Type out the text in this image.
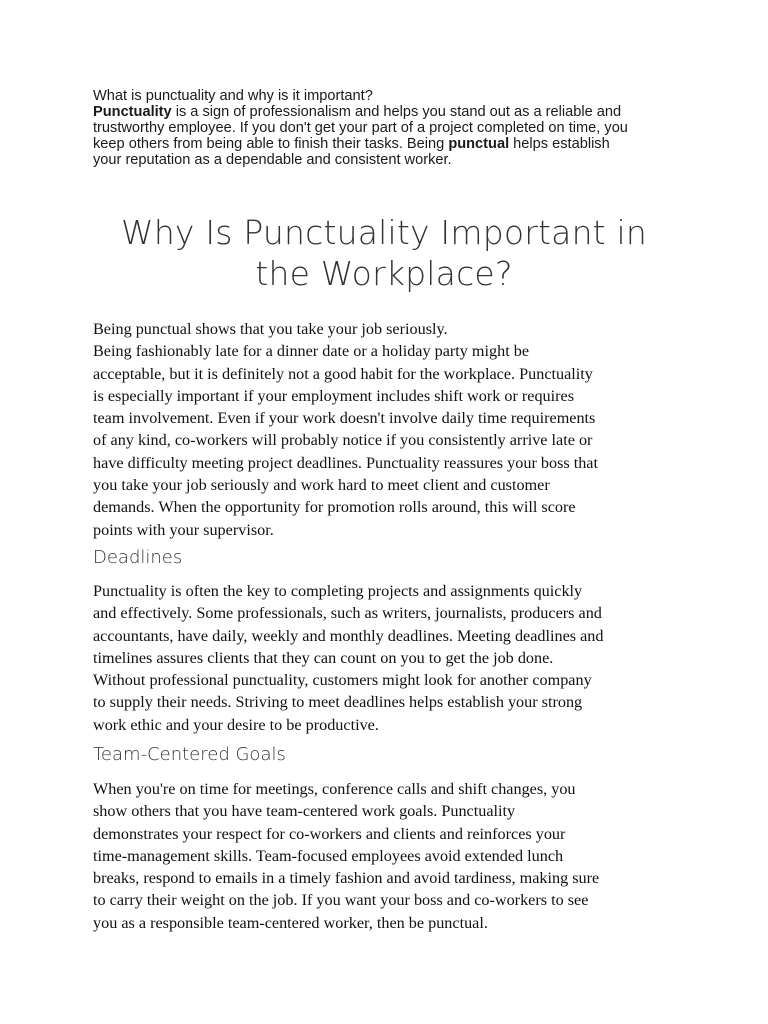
What is punctuality and why is it important?
Punctuality is a sign of professionalism and helps you stand out as a reliable and
trustworthy employee. If you don't get your part of a project completed on time, you
keep others from being able to finish their tasks. Being punctual helps establish
your reputation as a dependable and consistent worker.
Why Is Punctuality Important in
the Workplace?
Being punctual shows that you take your job seriously.
Being fashionably late for a dinner date or a holiday party might be
acceptable, but it is definitely not a good habit for the workplace. Punctuality
is especially important if your employment includes shift work or requires
team involvement. Even if your work doesn't involve daily time requirements
of any kind, co-workers will probably notice if you consistently arrive late or
have difficulty meeting project deadlines. Punctuality reassures your boss that
you take your job seriously and work hard to meet client and customer
demands. When the opportunity for promotion rolls around, this will score
points with your supervisor.
Deadlines
Punctuality is often the key to completing projects and assignments quickly
and effectively. Some professionals, such as writers, journalists, producers and
accountants, have daily, weekly and monthly deadlines. Meeting deadlines and
timelines assures clients that they can count on you to get the job done.
Without professional punctuality, customers might look for another company
to supply their needs. Striving to meet deadlines helps establish your strong
work ethic and your desire to be productive.
Team-Centered Goals
When you're on time for meetings, conference calls and shift changes, you
show others that you have team-centered work goals. Punctuality
demonstrates your respect for co-workers and clients and reinforces your
time-management skills. Team-focused employees avoid extended lunch
breaks, respond to emails in a timely fashion and avoid tardiness, making sure
to carry their weight on the job. If you want your boss and co-workers to see
you as a responsible team-centered worker, then be punctual.
